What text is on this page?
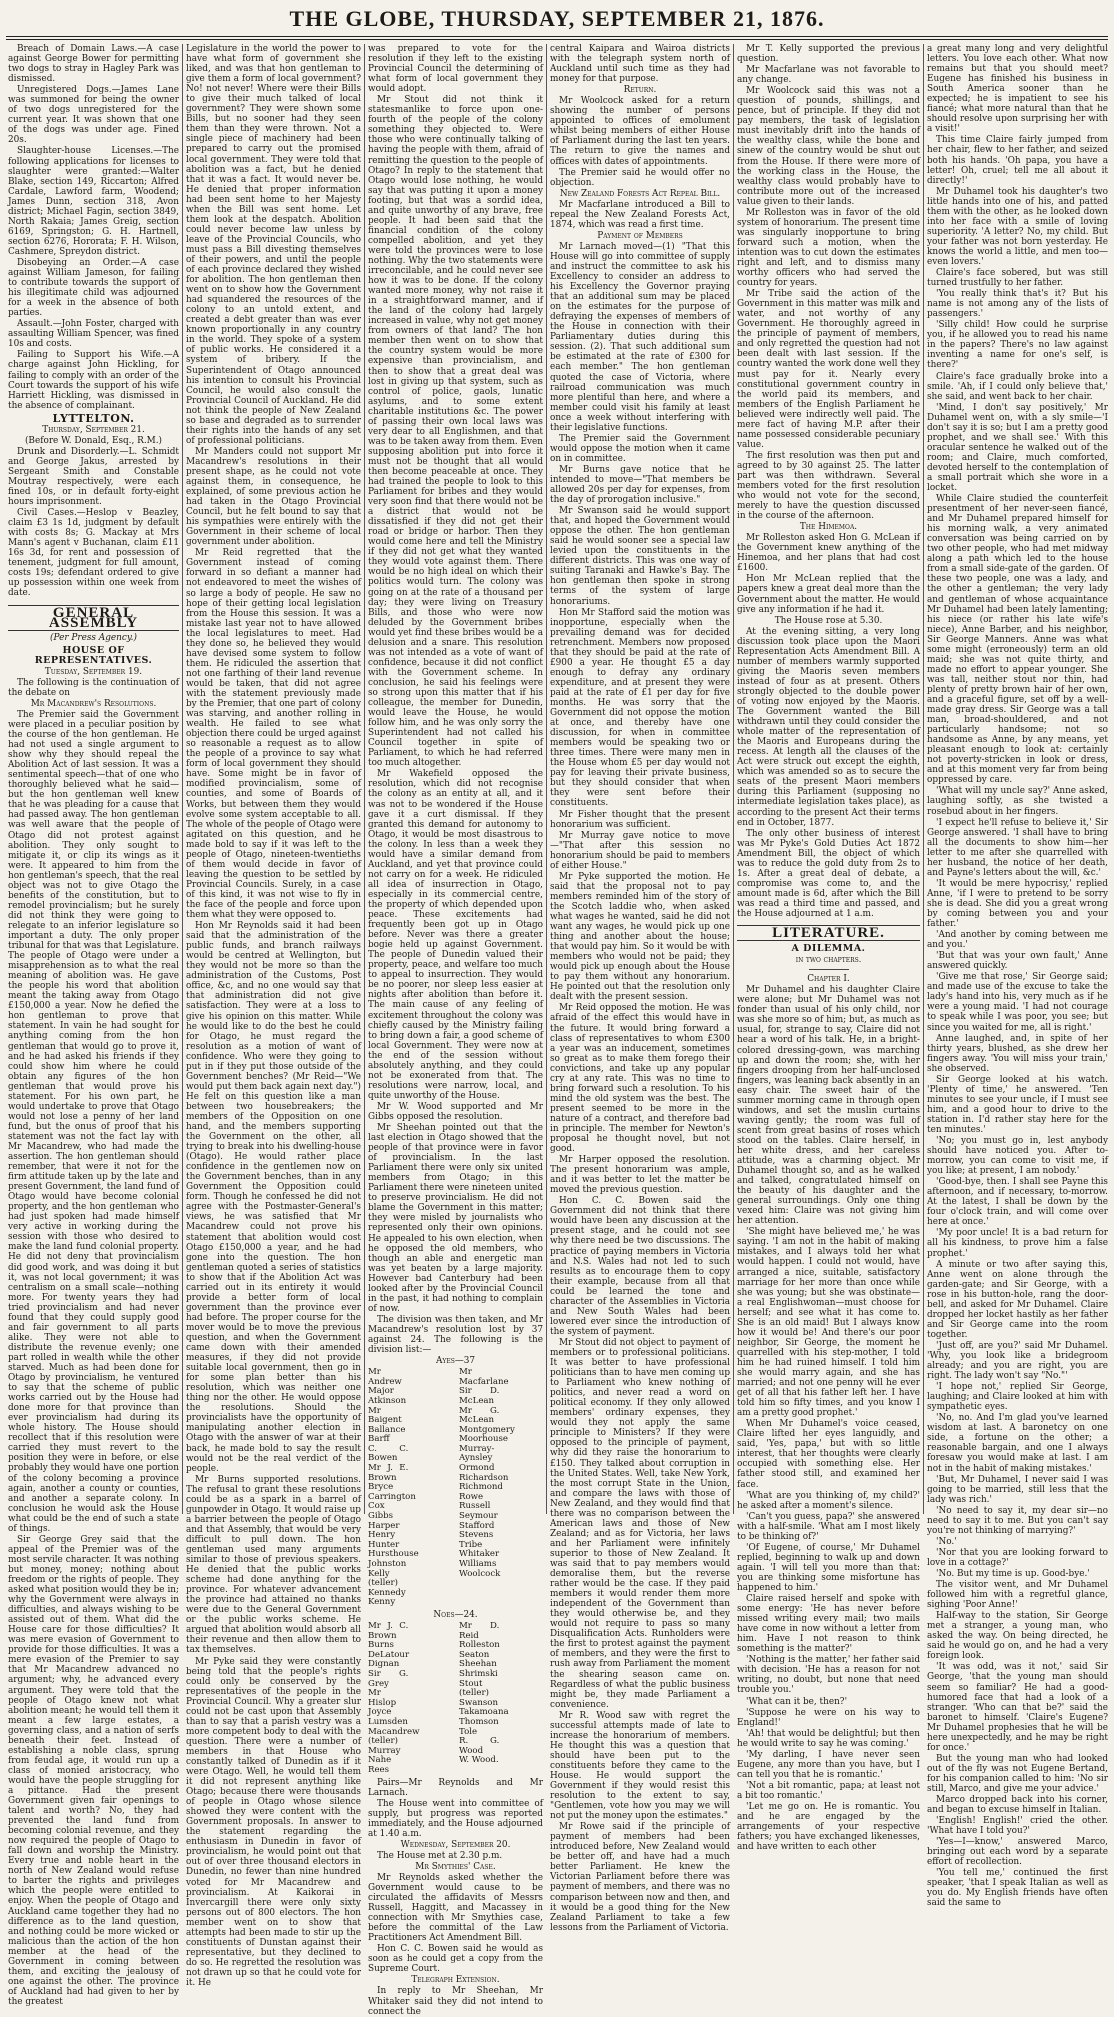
THE GLOBE, THURSDAY, SEPTEMBER 21, 1876.

Breach of Domain Laws.—A case against George Bower for permitting two dogs to stray in Hagley Park was dismissed.

Unregistered Dogs.—James Lane was summoned for being the owner of two dogs unregistered for the current year. It was shown that one of the dogs was under age. Fined 20s.

Slaughter-house Licenses.—The following applications for licenses to slaughter were granted:—Walter Blake, section 149, Riccarton; Alfred Cardale, Lawford farm, Woodend; James Dunn, section 318, Avon district; Michael Fagin, section 3849, North Rakaia; James Greig, section 6169, Springston; G. H. Hartnell, section 6276, Hororata; F. H. Wilson, Cashmere, Spreydon district.

Disobeying an Order.—A case against William Jameson, for failing to contribute towards the support of his illegitimate child was adjourned for a week in the absence of both parties.

Assault.—John Foster, charged with assaulting William Spencer, was fined 10s and costs.

Failing to Support his Wife.—A charge against John Hickling, for failing to comply with an order of the Court towards the support of his wife Harriett Hickling, was dismissed in the absence of complainant.

LYTTELTON.

Thursday, September 21.

(Before W. Donald, Esq., R.M.)

Drunk and Disorderly.—L. Schmidt and George Jakus, arrested by Sergeant Smith and Constable Moutray respectively, were each fined 10s, or in default forty-eight hours imprisonment.

Civil Cases.—Heslop v Beazley, claim £3 1s 1d, judgment by default with costs 8s; G. Mackay at Mrs Mann's agent v Buchanan, claim £11 16s 3d, for rent and possession of tenement, judgment for full amount, costs 19s; defendant ordered to give up possession within one week from date.

GENERAL ASSEMBLY

(Per Press Agency.)

HOUSE OF REPRESENTATIVES.

Tuesday, September 19.

The following is the continuation of the debate on

Mr Macandrew's Resolutions.

The Premier said the Government were placed in a peculiar position by the course of the hon gentleman. He had not used a single argument to show why they should repeal the Abolition Act of last session. It was a sentimental speech—that of one who thoroughly believed what he said—but the hon gentleman well knew that he was pleading for a cause that had passed away. The hon gentleman was well aware that the people of Otago did not protest against abolition. They only sought to mitigate it, or clip its wings as it were. It appeared to him from the hon gentleman's speech, that the real object was not to give Otago the benefits of the constitution, but to remodel provincialism; but he surely did not think they were going to relegate to an inferior legislature so important a duty. The only proper tribunal for that was that Legislature. The people of Otago were under a misapprehension as to what the real meaning of abolition was. He gave the people his word that abolition meant the taking away from Otago £150,000 a year. Now he defied the hon gentleman to prove that statement. In vain he had sought for anything coming from the hon gentleman that would go to prove it, and he had asked his friends if they could show him where he could obtain any figures of the hon gentleman that would prove his statement. For his own part, he would undertake to prove that Otago would not lose a penny of her land fund, but the onus of proof that his statement was not the fact lay with Mr Macandrew, who had made the assertion. The hon gentleman should remember, that were it not for the firm attitude taken up by the late and present Government, the land fund of Otago would have become colonial property, and the hon gentleman who had just spoken had made himself very active in working during the session with those who desired to make the land fund colonial property. He did not deny that provincialism did good work, and was doing it but it, was not local government; it was centralism on a small scale—nothing more. For twenty years they had tried provincialism and had never found that they could supply good and fair government to all parts alike. They were not able to distribute the revenue evenly; one part rolled in wealth while the other starved. Much as had been done for Otago by provincialism, he ventured to say that the scheme of public works carried out by the House had done more for that province than ever provincialism had during its whole history. The House should recollect that if this resolution were carried they must revert to the position they were in before, or else probably they would have one portion of the colony becoming a province again, another a county or counties, and another a separate colony. In conclusion he would ask the House what could be the end of such a state of things.

Sir George Grey said that the appeal of the Premier was of the most servile character. It was nothing but money, money; nothing about freedom or the rights of people. They asked what position would they be in; why the Government were always in difficulties, and always wishing to be assisted out of them. What did the House care for those difficulties? It was mere evasion of Government to provide for those difficulties. It was a mere evasion of the Premier to say that Mr Macandrew advanced no argument; why, he advanced every argument. They were told that the people of Otago knew not what abolition meant; he would tell them it meant a few large estates, a governing class, and a nation of serfs beneath their feet. Instead of establishing a noble class, sprung from feudal age, it would run up a class of monied aristocracy, who would have the people struggling for a pittance. Had the present Government given fair openings to talent and worth? No, they had prevented the land fund from becoming colonial revenue, and they now required the people of Otago to fall down and worship the Ministry. Every true and noble heart in the north of New Zealand would refuse to barter the rights and privileges which the people were entitled to enjoy. When the people of Otago and Auckland came together they had no difference as to the land question, and nothing could be more wicked or malicious than the action of the hon member at the head of the Government in coming between them, and exciting the jealousy of one against the other. The province of Auckland had had given to her by the greatest

Legislature in the world the power to have what form of government she liked, and was that hon gentleman to give them a form of local government? No! not never! Where were their Bills to give their much talked of local government? They were shown some Bills, but no sooner had they seen them than they were thrown. Not a single piece of machinery had been prepared to carry out the promised local government. They were told that abolition was a fact, but he denied that it was a fact. It would never be. He denied that proper information had been sent home to her Majesty when the Bill was sent home. Let them look at the despatch. Abolition could never become law unless by leave of the Provincial Councils, who must pass a Bill divesting themselves of their powers, and until the people of each province declared they wished for abolition. The hon gentleman then went on to show how the Government had squandered the resources of the colony to an untold extent, and created a debt greater than was ever known proportionally in any country in the world. They spoke of a system of public works. He considered it a system of bribery. If the Superintendent of Otago announced his intention to consult his Provincial Council, he would also consult the Provincial Council of Auckland. He did not think the people of New Zealand so base and degraded as to surrender their rights into the hands of any set of professional politicians.

Mr Manders could not support Mr Macandrew's resolutions in their present shape, as he could not vote against them, in consequence, he explained, of some previous action he had taken in the Otago Provincial Council, but he felt bound to say that his sympathies were entirely with the Government in their scheme of local government under abolition.

Mr Reid regretted that the Government instead of coming forward in so defiant a manner had not endeavored to meet the wishes of so large a body of people. He saw no hope of their getting local legislation from the House this session. It was a mistake last year not to have allowed the local legislatures to meet. Had they done so, he believed they would have devised some system to follow them. He ridiculed the assertion that not one farthing of their land revenue would be taken, that did not agree with the statement previously made by the Premier, that one part of colony was starving, and another rolling in wealth. He failed to see what objection there could be urged against so reasonable a request as to allow the people of a province to say what form of local government they should have. Some might be in favor of modified provincialism, some of counties, and some of Boards of Works, but between them they would evolve some system acceptable to all. The whole of the people of Otago were agitated on this question, and he made bold to say if it was left to the people of Otago, nineteen-twentieths of them would decide in favor of leaving the question to be settled by Provincial Councils. Surely, in a case of this kind, it was not wise to fly in the face of the people and force upon them what they were opposed to.

Hon Mr Reynolds said it had been said that the administration of the public funds, and branch railways would be centred at Wellington, but they would not be more so than the administration of the Customs, Post office, &c, and no one would say that that administration did not give satisfaction. They were at a loss to give his opinion on this matter. While he would like to do the best he could for Otago, he must regard the resolution as a motion of want of confidence. Who were they going to put in if they put those outside of the Government benches? (Mr Reid—"We would put them back again next day.") He felt on this question like a man between two housebreakers; the members of the Opposition on one hand, and the members supporting the Government on the other, all trying to break into his dwelling-house (Otago). He would rather place confidence in the gentlemen now on the Government benches, than in any Government the Opposition could form. Though he confessed he did not agree with the Postmaster-General's views, he was satisfied that Mr Macandrew could not prove his statement that abolition would cost Otago £150,000 a year, and he had gone into the question. The hon gentleman quoted a series of statistics to show that if the Abolition Act was carried out in its entirety it would provide a better form of local government than the province ever had before. The proper course for the mover would be to move the previous question, and when the Government came down with their amended measures, if they did not provide suitable local government, then go in for some plan better than his resolution, which was neither one thing nor the other. He would oppose the resolutions. Should the provincialists have the opportunity of manipulating another election in Otago with the answer of war at their back, he made bold to say the result would not be the real verdict of the people.

Mr Burns supported resolutions. The refusal to grant these resolutions could be as a spark in a barrel of gunpowder in Otago. It would raise up a barrier between the people of Otago and that Assembly, that would be very difficult to pull down. The hon gentleman used many arguments similar to those of previous speakers. He denied that the public works scheme had done anything for the province. For whatever advancement the province had attained no thanks were due to the General Government or the public works scheme. He argued that abolition would absorb all their revenue and then allow them to tax themselves.

Mr Pyke said they were constantly being told that the people's rights could only be conserved by the representatives of the people in the Provincial Council. Why a greater slur could not be cast upon that Assembly than to say that a parish vestry was a more competent body to deal with the question. There were a number of members in that House who constantly talked of Dunedin as if it were Otago. Well, he would tell them it did not represent anything like Otago; because there were thousands of people in Otago whose silence showed they were content with the Government proposals. In answer to the statement regarding the enthusiasm in Dunedin in favor of provincialism, he would point out that out of over three thousand electors in Dunedin, no fewer than nine hundred voted for Mr Macandrew and provincialism. At Kaikorai in Invercargill there were only sixty persons out of 800 electors. The hon member went on to show that attempts had been made to stir up the constituents of Dunstan against their representative, but they declined to do so. He regretted the resolution was not drawn up so that he could vote for it. He

was prepared to vote for the resolution if they left to the existing Provincial Council the determining of what form of local government they would adopt.

Mr Stout did not think it statesmanlike to force upon one-fourth of the people of the colony something they objected to. Were those who were continually talking of having the people with them, afraid of remitting the question to the people of Otago? In reply to the statement that Otago would lose nothing, he would say that was putting it upon a money footing, but that was a sordid idea, and quite unworthy of any brave, free people. It had been said that the financial condition of the colony compelled abolition, and yet they were told the provinces were to lose nothing. Why the two statements were irreconcilable, and he could never see how it was to be done. If the colony wanted more money, why not raise it in a straightforward manner, and if the land of the colony had largely increased in value, why not get money from owners of that land? The hon member then went on to show that the country system would be more expensive than provincialism, and then to show that a great deal was lost in giving up that system, such as control of police, gaols, lunatic asylums, and to some extent charitable institutions &c. The power of passing their own local laws was very dear to all Englishmen, and that was to be taken away from them. Even supposing abolition put into force it must not be thought that all would then become peaceable at once. They had trained the people to look to this Parliament for bribes and they would very soon find that there would not be a district that would not be dissatisfied if they did not get their road or bridge or harbor. Then they would come here and tell the Ministry if they did not get what they wanted they would vote against them. There would be no high ideal on which their politics would turn. The colony was going on at the rate of a thousand per day; they were living on Treasury Bills, and those who were now deluded by the Government bribes would yet find these bribes would be a delusion and a snare. This resolution was not intended as a vote of want of confidence, because it did not conflict with the Government scheme. In conclusion, he said his feelings were so strong upon this matter that if his colleague, the member for Dunedin, would leave the House, he would follow him, and he was only sorry the Superintendent had not called his Council together in spite of Parliament, to which he had referred too much altogether.

Mr Wakefield opposed the resolution, which did not recognise the colony as an entity at all, and it was not to be wondered if the House gave it a curt dismissal. If they granted this demand for autonomy to Otago, it would be most disastrous to the colony. In less than a week they would have a similar demand from Auckland, and yet that province could not carry on for a week. He ridiculed all idea of insurrection in Otago, especially in its commercial centre, the property of which depended upon peace. These excitements had frequently been got up in Otago before. Never was there a greater bogie held up against Government. The people of Dunedin valued their property, peace, and welfare too much to appeal to insurrection. They would be no poorer, nor sleep less easier at nights after abolition than before it. The main cause of any feeling of excitement throughout the colony was chiefly caused by the Ministry failing to bring down a fair, a good scheme of local Government. They were now at the end of the session without absolutely anything, and they could not be exonerated from that. The resolutions were narrow, local, and quite unworthy of the House.

Mr W. Wood supported and Mr Gibbs opposed the resolution.

Mr Sheehan pointed out that the last election in Otago showed that the people of that province were in favor of provincialism. In the last Parliament there were only six united members from Otago; in this Parliament there were nineteen united to preserve provincialism. He did not blame the Government in this matter; they were misled by journalists who represented only their own opinions. He appealed to his own election, when he opposed the old members, who though an able and energetic man was yet beaten by a large majority. However bad Canterbury had been looked after by the Provincial Council in the past, it had nothing to complain of now.

The division was then taken, and Mr Macandrew's resolution lost by 37 against 24. The following is the division list:—

Ayes—37

Mr Andrew
Major Atkinson
Mr Baigent
Ballance
Barff
C. C. Bowen
Mr J. E. Brown
Bryce
Carrington
Cox
Gibbs
Harper
Henry
Hunter
Hursthouse
Johnston
Kelly (teller)
Kennedy
Kenny
Mr Macfarlane
Sir D. McLean
Mr G. McLean
Montgomery
Moorhouse
Murray-Aynsley
Ormond
Richardson
Richmond
Rowe
Russell
Seymour
Stafford
Stevens
Tribe
Whitaker
Williams
Woolcock

Noes—24.

Mr J. C. Brown
Burns
DeLatour
Dignan
Sir G. Grey
Mr Hislop
Joyce
Lumsden
Macandrew (teller)
Murray
Nahe
Rees
Mr D. Reid
Rolleston
Seaton
Sheehan
Shrimski
Stout (teller)
Swanson
Takamoana
Thomson
Tole
R. G. Wood
W. Wood.

Pairs—Mr Reynolds and Mr Larnach.

The House went into committee of supply, but progress was reported immediately, and the House adjourned at 1.40 a.m.

Wednesday, September 20.

The House met at 2.30 p.m.

Mr Smythies' Case.

Mr Reynolds asked whether the Government would cause to be circulated the affidavits of Messrs Russell, Haggitt, and Macassey in connection with Mr Smythies case, before the committal of the Law Practitioners Act Amendment Bill.

Hon C. C. Bowen said he would as soon as he could get a copy from the Supreme Court.

Telegraph Extension.

In reply to Mr Sheehan, Mr Whitaker said they did not intend to connect the

central Kaipara and Wairoa districts with the telegraph system north of Auckland until such time as they had money for that purpose.

Return.

Mr Woolcock asked for a return showing the number of persons appointed to offices of emolument whilst being members of either House of Parliament during the last ten years. The return to give the names and offices with dates of appointments.

The Premier said he would offer no objection.

New Zealand Forests Act Repeal Bill.

Mr Macfarlane introduced a Bill to repeal the New Zealand Forests Act, 1874, which was read a first time.

Payment of Members

Mr Larnach moved—(1) "That this House will go into committee of supply and instruct the committee to ask his Excellency to consider an address to his Excellency the Governor praying that an additional sum may be placed on the estimates for the purpose of defraying the expenses of members of the House in connection with their Parliamentary duties during this session. (2). That such additional sum be estimated at the rate of £300 for each member." The hon gentleman quoted the case of Victoria, where railroad communication was much more plentiful than here, and where a member could visit his family at least once a week without interfering with their legislative functions.

The Premier said the Government would oppose the motion when it came on in committee.

Mr Burns gave notice that he intended to move—"That members be allowed 20s per day for expenses, from the day of prorogation inclusive."

Mr Swanson said he would support that, and hoped the Government would oppose the other. The hon gentleman said he would sooner see a special law levied upon the constituents in the different districts. This was one way of suiting Taranaki and Hawke's Bay. The hon gentleman then spoke in strong terms of the system of large honorariums.

Hon Mr Stafford said the motion was inopportune, especially when the prevailing demand was for decided retrenchment. Members now proposed that they should be paid at the rate of £900 a year. He thought £5 a day enough to defray any ordinary expenditure, and at present they were paid at the rate of £1 per day for five months. He was sorry that the Government did not oppose the motion at once, and thereby have one discussion, for when in committee members would be speaking two or three times. There were many men in the House whom £5 per day would not pay for leaving their private business, but they should consider that when they were sent before their constituents.

Mr Fisher thought that the present honorarium was sufficient.

Mr Murray gave notice to move—"That after this session no honorarium should be paid to members of either House."

Mr Pyke supported the motion. He said that the proposal not to pay members reminded him of the story of the Scotch laddie who, when asked what wages he wanted, said he did not want any wages, he would pick up one thing and another about the house; that would pay him. So it would be with members who would not be paid; they would pick up enough about the House to pay them without any honorarium. He pointed out that the resolution only dealt with the present session.

Mr Reid opposed the motion. He was afraid of the effect this would have in the future. It would bring forward a class of representatives to whom £300 a year was an inducement, sometimes so great as to make them forego their convictions, and take up any popular cry at any rate. This was no time to bring forward such a resolution. To his mind the old system was the best. The present seemed to be more in the nature of a contract, and therefore bad in principle. The member for Newton's proposal he thought novel, but not good.

Mr Harper opposed the resolution. The present honorarium was ample, and it was better to let the matter be moved the previous question.

Hon C. C. Bowen said the Government did not think that there would have been any discussion at the present stage, and he could not see why there need be two discussions. The practice of paying members in Victoria and N.S. Wales had not led to such results as to encourage them to copy their example, because from all that could be learned the tone and character of the Assemblies in Victoria and New South Wales had been lowered ever since the introduction of the system of payment.

Mr Stout did not object to payment of members or to professional politicians. It was better to have professional politicians than to have men coming up to Parliament who knew nothing of politics, and never read a word on political economy. If they only allowed members' ordinary expenses, they would they not apply the same principle to Ministers? If they were opposed to the principle of payment, why did they raise the honorarium to £150. They talked about corruption in the United States. Well, take New York, the most corrupt State in the Union, and compare the laws with those of New Zealand, and they would find that there was no comparison between the American laws and those of New Zealand; and as for Victoria, her laws and her Parliament were infinitely superior to those of New Zealand. It was said that to pay members would demoralise them, but the reverse rather would be the case. If they paid members it would render them more independent of the Government than they would otherwise be, and they would not require to pass so many Disqualification Acts. Runholders were the first to protest against the payment of members, and they were the first to rush away from Parliament the moment the shearing season came on. Regardless of what the public business might be, they made Parliament a convenience.

Mr R. Wood saw with regret the successful attempts made of late to increase the honorarium of members. He thought this was a question that should have been put to the constituents before they came to the House. He would support the Government if they would resist this resolution to the extent to say, "Gentlemen, vote how you may we will not put the money upon the estimates."

Mr Rowe said if the principle of payment of members had been introduced before, New Zealand would be better off, and have had a much better Parliament. He knew the Victorian Parliament before there was payment of members, and there was no comparison between now and then, and it would be a good thing for the New Zealand Parliament to take a few lessons from the Parliament of Victoria.

Mr T. Kelly supported the previous question.

Mr Macfarlane was not favorable to any change.

Mr Woolcock said this was not a question of pounds, shillings, and pence, but of principle. If they did not pay members, the task of legislation must inevitably drift into the hands of the wealthy class, while the bone and sinew of the country would be shut out from the House. If there were more of the working class in the House, the wealthy class would probably have to contribute more out of the increased value given to their lands.

Mr Rolleston was in favor of the old system of honorarium. The present time was singularly inopportune to bring forward such a motion, when the intention was to cut down the estimates right and left, and to dismiss many worthy officers who had served the country for years.

Mr Tribe said the action of the Government in this matter was milk and water, and not worthy of any Government. He thoroughly agreed in the principle of payment of members, and only regretted the question had not been dealt with last session. If the country wanted the work done well they must pay for it. Nearly every constitutional government country in the world paid its members, and members of the English Parliament he believed were indirectly well paid. The mere fact of having M.P. after their name possessed considerable pecuniary value.

The first resolution was then put and agreed to by 30 against 25. The latter part was then withdrawn. Several members voted for the first resolution who would not vote for the second, merely to have the question discussed in the course of the afternoon.

The Himemoa.

Mr Rolleston asked Hon G. McLean if the Government knew anything of the Hinemoa, and her plans that had cost £1600.

Hon Mr McLean replied that the papers knew a great deal more than the Government about the matter. He would give any information if he had it.

The House rose at 5.30.

At the evening sitting, a very long discussion took place upon the Maori Representation Acts Amendment Bill. A number of members warmly supported giving the Maoris seven members instead of four as at present. Others strongly objected to the double power of voting now enjoyed by the Maoris. The Government wanted the Bill withdrawn until they could consider the whole matter of the representation of the Maoris and Europeans during the recess. At length all the clauses of the Act were struck out except the eighth, which was amended so as to secure the seats of the present Maori members during this Parliament (supposing no intermediate legislation takes place), as according to the present Act their terms end in October, 1877.

The only other business of interest was Mr Pyke's Gold Duties Act 1872 Amendment Bill, the object of which was to reduce the gold duty from 2s to 1s. After a great deal of debate, a compromise was come to, and the amount made is 6d, after which the Bill was read a third time and passed, and the House adjourned at 1 a.m.

LITERATURE.
A DILEMMA.

in two chapters.

Chapter I.

Mr Duhamel and his daughter Claire were alone; but Mr Duhamel was not fonder than usual of his only child, nor was she more so of him; but, as much as usual, for, strange to say, Claire did not hear a word of his talk. He, in a bright-colored dressing-gown, was marching up and down the room; she, with her fingers drooping from her half-unclosed fingers, was leaning back absently in an easy chair. The sweet hair of the summer morning came in through open windows, and set the muslin curtains waving gently; the room was full of scent from great basins of roses which stood on the tables. Claire herself, in her white dress, and her careless attitude, was a charming object. Mr Duhamel thought so, and as he walked and talked, congratulated himself on the beauty of his daughter and the general surroundings. Only one thing vexed him: Claire was not giving him her attention.

'She might have believed me,' he was saying. 'I am not in the habit of making mistakes, and I always told her what would happen. I could not would, have arranged a nice, suitable, satisfactory marriage for her more than once while she was young; but she was obstinate—a real Englishwoman—must choose for herself; and see what it has come to. She is an old maid! But I always know how it would be! And there's our poor neighbor, Sir George, the moment he quarrelled with his step-mother, I told him he had ruined himself. I told him she would marry again, and she has married; and not one penny will he ever get of all that his father left her. I have told him so fifty times, and you know I am a pretty good prophet.'

When Mr Duhamel's voice ceased, Claire lifted her eyes languidly, and said, 'Yes, papa,' but with so little interest, that her thoughts were clearly occupied with something else. Her father stood still, and examined her face.

'What are you thinking of, my child?' he asked after a moment's silence.

'Can't you guess, papa?' she answered with a half-smile. 'What am I most likely to be thinking of?'

'Of Eugene, of course,' Mr Duhamel replied, beginning to walk up and down again. 'I will tell you more than that: you are thinking some misfortune has happened to him.'

Claire raised herself and spoke with some energy: 'He has never before missed writing every mail; two mails have come in now without a letter from him. Have I not reason to think something is the matter?'

'Nothing is the matter,' her father said with decision. 'He has a reason for not writing, no doubt, but none that need trouble you.'

'What can it be, then?'

'Suppose he were on his way to England!'

'Ah! that would be delightful; but then he would write to say he was coming.'

'My darling, I have never seen Eugene, any more than you have, but I can tell you that he is romantic.'

'Not a bit romantic, papa; at least not a bit too romantic.'

'Let me go on. He is romantic. You and he are engaged by the arrangements of your respective fathers; you have exchanged likenesses, and have written to each other

a great many long and very delightful letters. You love each other. What now remains but that you should meet? Eugene has finished his business in South America sooner than he expected; he is impatient to see his fiancé; what more natural than that he should resolve upon surprising her with a visit!'

This time Claire fairly jumped from her chair, flew to her father, and seized both his hands. 'Oh papa, you have a letter! Oh, cruel; tell me all about it directly!'

Mr Duhamel took his daughter's two little hands into one of his, and patted them with the other, as he looked down into her face with a smile of loving superiority. 'A letter? No, my child. But your father was not born yesterday. He knows the world a little, and men too—even lovers.'

Claire's face sobered, but was still turned trustfully to her father.

'You really think that's it? But his name is not among any of the lists of passengers.'

'Silly child! How could he surprise you, if he allowed you to read his name in the papers? There's no law against inventing a name for one's self, is there?'

Claire's face gradually broke into a smile. 'Ah, if I could only believe that,' she said, and went back to her chair.

'Mind, I don't say positively,' Mr Duhamel went on, with a sly smile—'I don't say it is so; but I am a pretty good prophet, and we shall see.' With this oracular sentence he walked out of the room; and Claire, much comforted, devoted herself to the contemplation of a small portrait which she wore in a locket.

While Claire studied the counterfeit presentment of her never-seen fiancé, and Mr Duhamel prepared himself for his morning walk, a very animated conversation was being carried on by two other people, who had met midway along a path which led to the house from a small side-gate of the garden. Of these two people, one was a lady, and the other a gentleman; the very lady and gentleman of whose acquaintance Mr Duhamel had been lately lamenting; his niece (or rather his late wife's niece), Anne Barber, and his neighbor, Sir George Manners. Anne was what some might (erroneously) term an old maid; she was not quite thirty, and made no effort to appear younger. She was tall, neither stout nor thin, had plenty of pretty brown hair of her own, and a graceful figure, set off by a well-made gray dress. Sir George was a tall man, broad-shouldered, and not particularly handsome; not so handsome as Anne, by any means, yet pleasant enough to look at: certainly not poverty-stricken in look or dress, and at this moment very far from being oppressed by care.

'What will my uncle say?' Anne asked, laughing softly, as she twisted a rosebud about in her fingers.

'I expect he'll refuse to believe it,' Sir George answered. 'I shall have to bring all the documents to show him—her letter to me after she quarrelled with her husband, the notice of her death, and Payne's letters about the will, &c.'

'It would be mere hypocrisy,' replied Anne, 'if I were to pretend to be sorry she is dead. She did you a great wrong by coming between you and your father.'

'And another by coming between me and you.'

'But that was your own fault,' Anne answered quickly.

'Give me that rose,' Sir George said; and made use of the excuse to take the lady's hand into his, very much as if he were a young maid. 'I had not courage to speak while I was poor, you see; but since you waited for me, all is right.'

Anne laughed, and, in spite of her thirty years, blushed, as she drew her fingers away. 'You will miss your train,' she observed.

Sir George looked at his watch. 'Plenty of time,' he answered. 'Ten minutes to see your uncle, if I must see him, and a good hour to drive to the station in. I'd rather stay here for the ten minutes.'

'No; you must go in, lest anybody should have noticed you. After to-morrow, you can come to visit me, if you like; at present, I am nobody.'

'Good-bye, then. I shall see Payne this afternoon, and if necessary, to-morrow. At the latest, I shall be down by the four o'clock train, and will come over here at once.'

'My poor uncle! It is a bad return for all his kindness, to prove him a false prophet.'

A minute or two after saying this, Anne went on alone through the garden-gate; and Sir George, with a rose in his button-hole, rang the door-bell, and asked for Mr Duhamel. Claire dropped her locket hastily as her father and Sir George came into the room together.

'Just off, are you?' said Mr Duhamel. 'Why, you look like a bridegroom already; and you are right, you are right. The lady won't say "No."'

'I hope not,' replied Sir George, laughing; and Claire looked at him with sympathetic eyes.

'No, no. And I'm glad you've learned wisdom at last. A baronetcy on one side, a fortune on the other; a reasonable bargain, and one I always foresaw you would make at last. I am not in the habit of making mistakes.'

'But, Mr Duhamel, I never said I was going to be married, still less that the lady was rich.'

'No need to say it, my dear sir—no need to say it to me. But you can't say you're not thinking of marrying?'

'No.'

'Nor that you are looking forward to love in a cottage?'

'No. But my time is up. Good-bye.'

The visitor went, and Mr Duhamel followed him with a regretful glance, sighing 'Poor Anne!'

Half-way to the station, Sir George met a stranger, a young man, who asked the way. On being directed, he said he would go on, and he had a very foreign look.

'It was odd, was it not,' said Sir George, 'that the young man should seem so familiar? He had a good-humored face that had a look of a stranger. 'Who can that be?' said the baronet to himself. 'Claire's Eugene? Mr Duhamel prophesies that he will be here unexpectedly, and he may be right for once.'

But the young man who had looked out of the fly was not Eugene Bertand, for his companion called to him: 'No sir still, Marco, and give me your advice.'

Marco dropped back into his corner, and began to excuse himself in Italian.

'English! English!' cried the other. 'What have I told you?'

'Yes—I—know,' answered Marco, bringing out each word by a separate effort of recollection.

'You tell me,' continued the first speaker, 'that I speak Italian as well as you do. My English friends have often said the same to
